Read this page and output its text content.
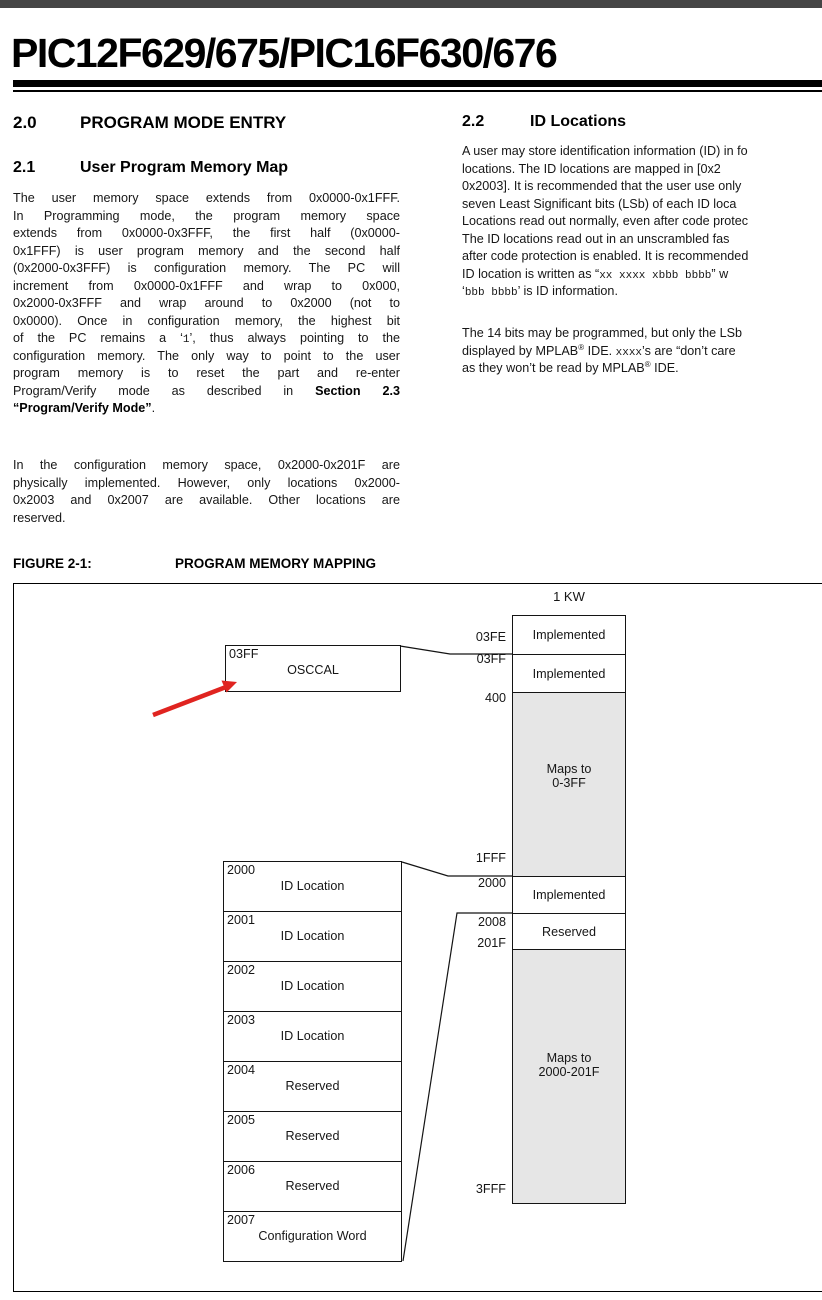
PIC12F629/675/PIC16F630/676
2.0	PROGRAM MODE ENTRY
2.1	User Program Memory Map
The user memory space extends from 0x0000-0x1FFF.
In Programming mode, the program memory space
extends from 0x0000-0x3FFF, the first half (0x0000-
0x1FFF) is user program memory and the second half
(0x2000-0x3FFF) is configuration memory. The PC will
increment from 0x0000-0x1FFF and wrap to 0x000,
0x2000-0x3FFF and wrap around to 0x2000 (not to
0x0000). Once in configuration memory, the highest bit
of the PC remains a ‘1’, thus always pointing to the
configuration memory. The only way to point to the user
program memory is to reset the part and re-enter
Program/Verify mode as described in Section 2.3
“Program/Verify Mode”.
In the configuration memory space, 0x2000-0x201F are
physically implemented. However, only locations 0x2000-
0x2003 and 0x2007 are available. Other locations are
reserved.
2.2	ID Locations
A user may store identification information (ID) in fo
locations. The ID locations are mapped in [0x2
0x2003]. It is recommended that the user use only
seven Least Significant bits (LSb) of each ID loca
Locations read out normally, even after code protec
The ID locations read out in an unscrambled fas
after code protection is enabled. It is recommended
ID location is written as “xx xxxx xbbb bbbb” w
‘bbb bbbb’ is ID information.
The 14 bits may be programmed, but only the LSb
displayed by MPLAB® IDE. xxxx’s are “don’t care
as they won’t be read by MPLAB® IDE.
FIGURE 2-1:	PROGRAM MEMORY MAPPING
1 KW
Implemented
Implemented
Maps to
0-3FF
Implemented
Reserved
Maps to
2000-201F
03FE
03FF
400
1FFF
2000
2008
201F
3FFF
03FF
OSCCAL
2000
ID Location
2001
ID Location
2002
ID Location
2003
ID Location
2004
Reserved
2005
Reserved
2006
Reserved
2007
Configuration Word
